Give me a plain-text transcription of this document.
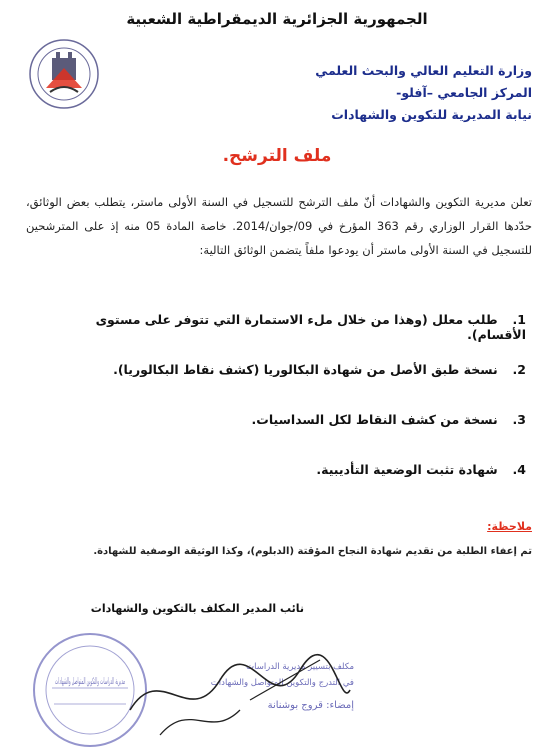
الجمهورية الجزائرية الديمقراطية الشعبية
وزارة التعليم العالي والبحث العلمي
المركز الجامعي –آفلو-
نيابة المديرية للتكوين والشهادات
ملف الترشح.
تعلن مديرية التكوين والشهادات أنّ ملف الترشح للتسجيل في السنة الأولى ماستر، يتطلب بعض الوثائق، حدّدها القرار الوزاري رقم 363 المؤرخ في 09/جوان/2014. خاصة المادة 05 منه إذ على المترشحين للتسجيل في السنة الأولى ماستر أن يودعوا ملفاً يتضمن الوثائق التالية:
1. طلب معلل (وهذا من خلال ملء الاستمارة التي تتوفر على مستوى الأقسام).
2. نسخة طبق الأصل من شهادة البكالوريا (كشف نقاط البكالوريا).
3. نسخة من كشف النقاط لكل السداسيات.
4. شهادة تثبت الوضعية التأديبية.
ملاحظة:
تم إعفاء الطلبة من تقديم شهادة النجاح المؤقتة (الدبلوم)، وكذا الوثيقة الوصفية للشهادة.
نائب المدير المكلف بالتكوين والشهادات
مديرية الدراسات والتكوين المتواصل والشهادات
مكلف بتسيير مديرية الدراسات
في التدرج والتكوين المتواصل والشهادات
إمضاء: قروج بوشنانة
